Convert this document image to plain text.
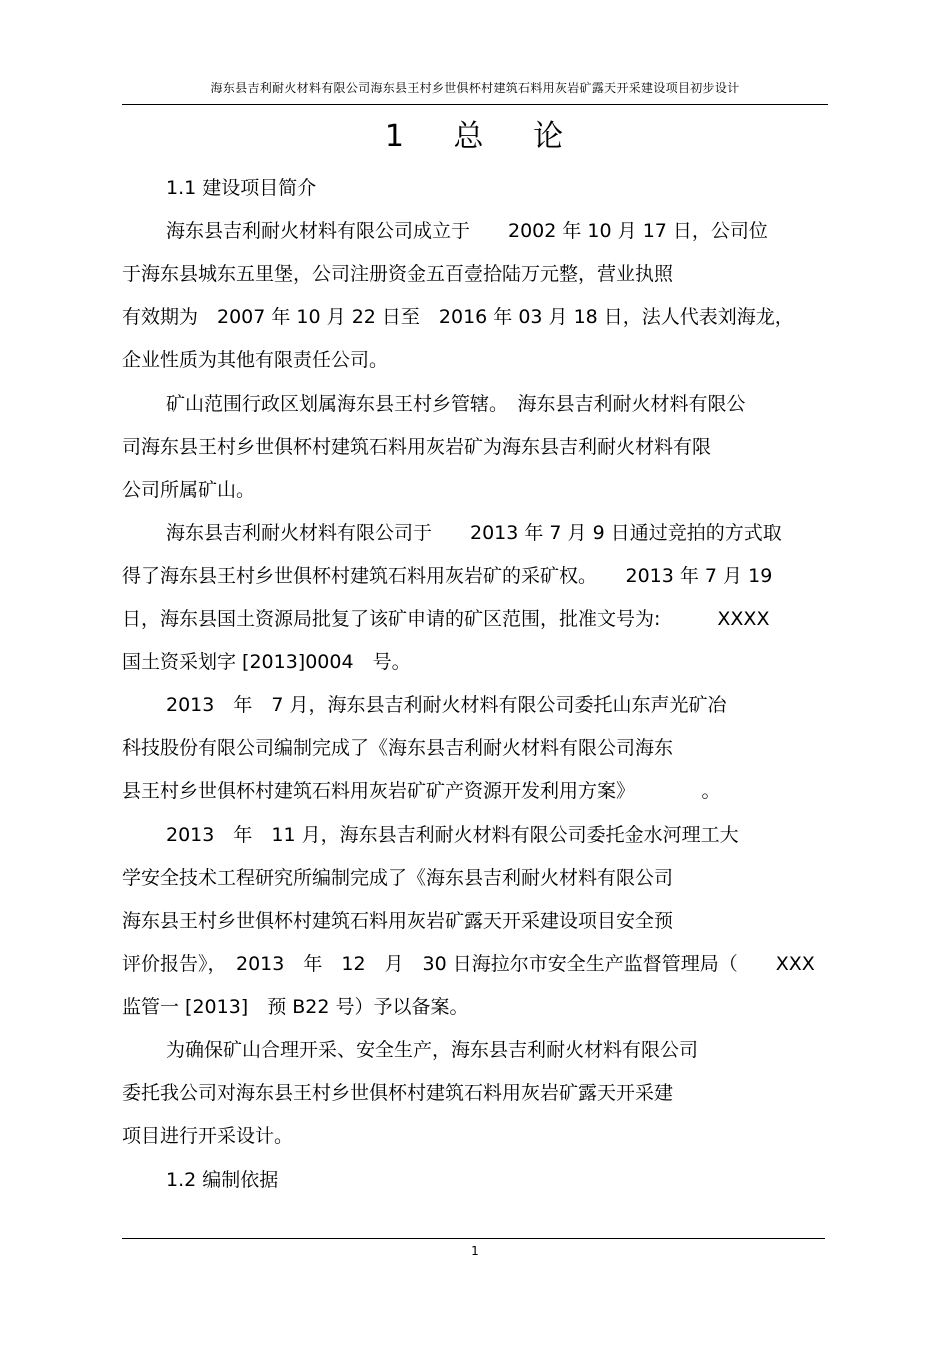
海东县吉利耐火材料有限公司海东县王村乡世俱杯村建筑石料用灰岩矿露天开采建设项目初步设计
1 总 论
1.1 建设项目简介
海东县吉利耐火材料有限公司成立于　　2002 年 10 月 17 日，公司位
于海东县城东五里堡，公司注册资金五百壹拾陆万元整，营业执照
有效期为　2007 年 10 月 22 日至　2016 年 03 月 18 日，法人代表刘海龙，
企业性质为其他有限责任公司。
矿山范围行政区划属海东县王村乡管辖。　海东县吉利耐火材料有限公
司海东县王村乡世俱杯村建筑石料用灰岩矿为海东县吉利耐火材料有限
公司所属矿山。
海东县吉利耐火材料有限公司于　　2013 年 7 月 9 日通过竞拍的方式取
得了海东县王村乡世俱杯村建筑石料用灰岩矿的采矿权。　　2013 年 7 月 19
日，海东县国土资源局批复了该矿申请的矿区范围，批准文号为:　　　XXXX
国土资采划字 [2013]0004　号。
2013　年　7 月，海东县吉利耐火材料有限公司委托山东声光矿冶
科技股份有限公司编制完成了《海东县吉利耐火材料有限公司海东
县王村乡世俱杯村建筑石料用灰岩矿矿产资源开发利用方案》　　　　。
2013　年　11 月，海东县吉利耐火材料有限公司委托金水河理工大
学安全技术工程研究所编制完成了《海东县吉利耐火材料有限公司
海东县王村乡世俱杯村建筑石料用灰岩矿露天开采建设项目安全预
评价报告》，　2013　年　12　月　30 日海拉尔市安全生产监督管理局（　　XXX
监管一 [2013]　预 B22 号）予以备案。
为确保矿山合理开采、安全生产，海东县吉利耐火材料有限公司
委托我公司对海东县王村乡世俱杯村建筑石料用灰岩矿露天开采建
项目进行开采设计。
1.2 编制依据
1
